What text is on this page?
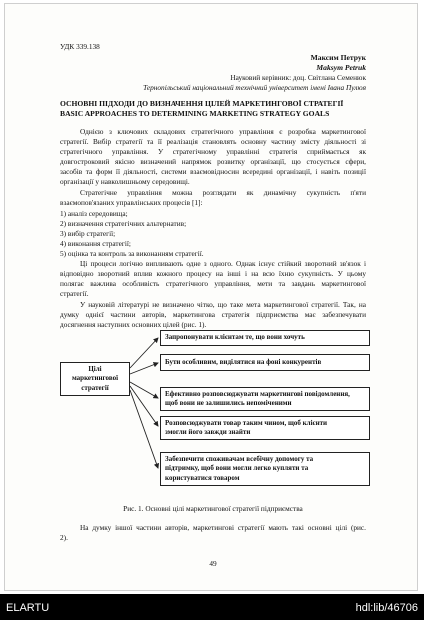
УДК 339.138

Максим Петрук

Maksym Petruk

Науковий керівник: доц. Світлана Семенюк

Тернопільський національний технічний університет імені Івана Пулюя

ОСНОВНІ ПІДХОДИ ДО ВИЗНАЧЕННЯ ЦІЛЕЙ МАРКЕТИНГОВОЇ СТРАТЕГІЇ

BASIC APPROACHES TO DETERMINING MARKETING STRATEGY GOALS

Однією з ключових складових стратегічного управління є розробка маркетингової

стратегії. Вибір стратегії та її реалізація становлять основну частину змісту діяльності зі

стратегічного управління. У стратегічному управлінні стратегія сприймається як

довгостроковий якісно визначений напрямок розвитку організації, що стосується сфери,

засобів та форм її діяльності, системи взаємовідносин всередині організації, і навіть позиції

організації у навколишньому середовищі.

Стратегічне управління можна розглядати як динамічну сукупність п'яти

взаємопов'язаних управлінських процесів [1]:

1) аналіз середовища;

2) визначення стратегічних альтернатив;

3) вибір стратегії;

4) виконання стратегії;

5) оцінка та контроль за виконанням стратегії.

Ці процеси логічно випливають одне з одного. Однак існує стійкий зворотний зв'язок і

відповідно зворотний вплив кожного процесу на інші і на всю їхню сукупність. У цьому

полягає важлива особливість стратегічного управління, мети та завдань маркетингової

стратегії.

У науковій літературі не визначено чітко, що таке мета маркетингової стратегії. Так, на

думку однієї частини авторів, маркетингова стратегія підприємства має забезпечувати

досягнення наступних основних цілей (рис. 1).

Цілі
маркетингової
стратегії
Запропонувати клієнтам те, що вони хочуть
Бути особливим, виділятися на фоні конкурентів
Ефективно розповсюджувати маркетингові повідомлення,
щоб вони не залишились непоміченими
Розповсюджувати товар таким чином, щоб клієнти
змогли його завжди знайти
Забезпечити споживачам всебічну допомогу та
підтримку, щоб вони могли легко купляти та
користуватися товаром

Рис. 1. Основні цілі маркетингової стратегії підприємства

На думку іншої частини авторів, маркетингові стратегії мають такі основні цілі (рис.

2).

49

ELARTU	hdl:lib/46706
